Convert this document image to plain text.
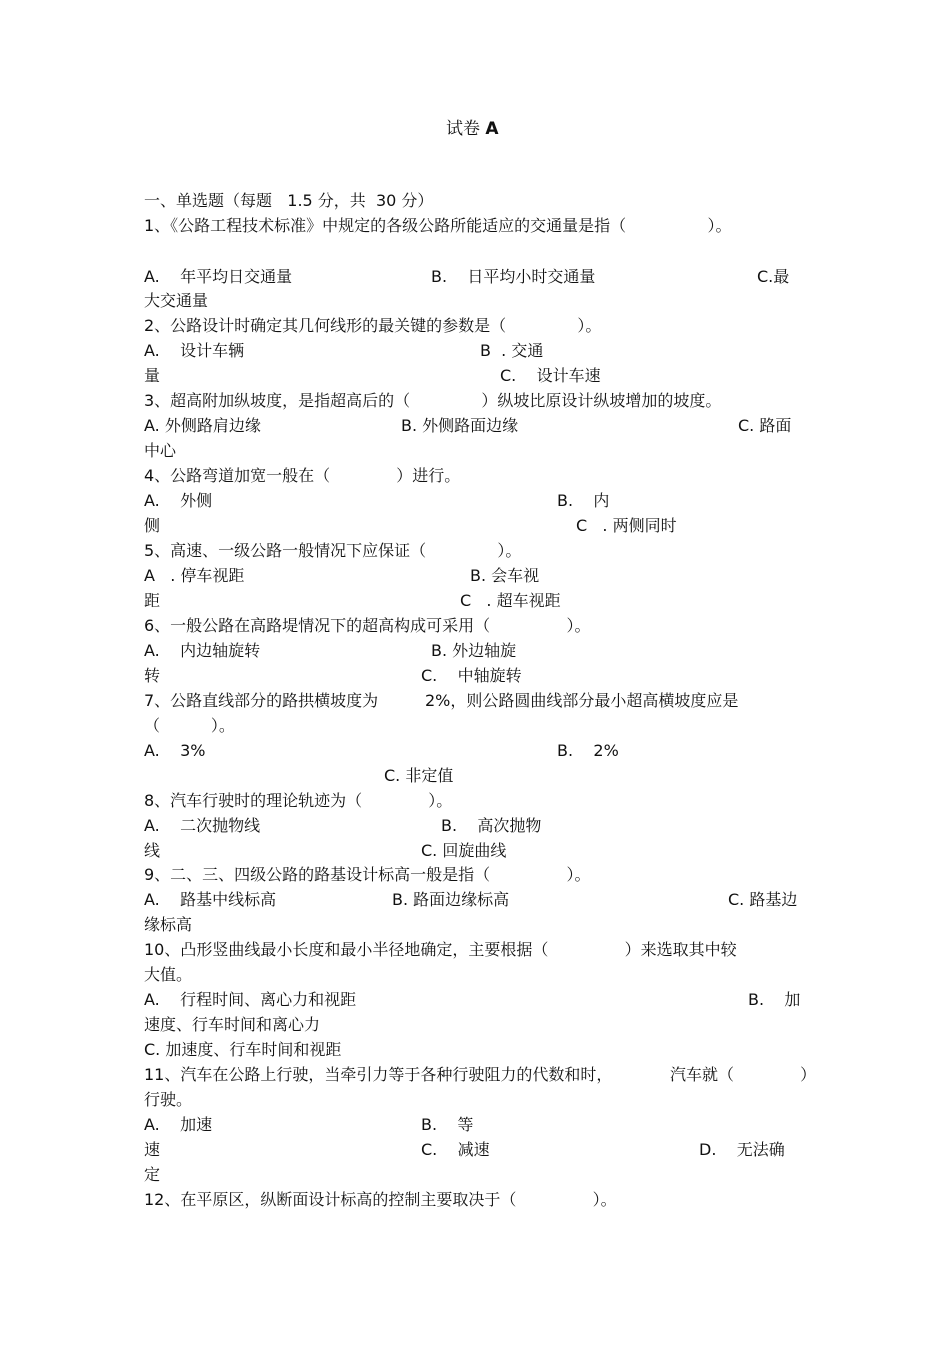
试卷 A
一、单选题（每题   1.5 分，共  30 分）
1、《公路工程技术标准》中规定的各级公路所能适应的交通量是指（                ）。
A.    年平均日交通量	B.    日平均小时交通量	C.最
大交通量
2、公路设计时确定其几何线形的最关键的参数是（              ）。
A.    设计车辆	B  . 交通
量	C.    设计车速
3、超高附加纵坡度，是指超高后的（              ）纵坡比原设计纵坡增加的坡度。
A. 外侧路肩边缘	B. 外侧路面边缘	C. 路面
中心
4、公路弯道加宽一般在（             ）进行。
A.    外侧	B.    内
侧	C   . 两侧同时
5、高速、一级公路一般情况下应保证（              ）。
A   . 停车视距	B. 会车视
距	C   . 超车视距
6、一般公路在高路堤情况下的超高构成可采用（               ）。
A.    内边轴旋转	B. 外边轴旋
转	C.    中轴旋转
7、公路直线部分的路拱横坡度为	2%，则公路圆曲线部分最小超高横坡度应是
（          ）。
A.    3%	B.    2%
C. 非定值
8、汽车行驶时的理论轨迹为（             ）。
A.    二次抛物线	B.    高次抛物
线	C. 回旋曲线
9、二、三、四级公路的路基设计标高一般是指（               ）。
A.    路基中线标高	B. 路面边缘标高	C. 路基边
缘标高
10、凸形竖曲线最小长度和最小半径地确定，主要根据（               ）来选取其中较
大值。
A.    行程时间、离心力和视距	B.    加
速度、行车时间和离心力
C. 加速度、行车时间和视距
11、汽车在公路上行驶，当牵引力等于各种行驶阻力的代数和时，	汽车就（             ）
行驶。
A.    加速	B.    等
速	C.    减速	D.    无法确
定
12、在平原区，纵断面设计标高的控制主要取决于（               ）。
